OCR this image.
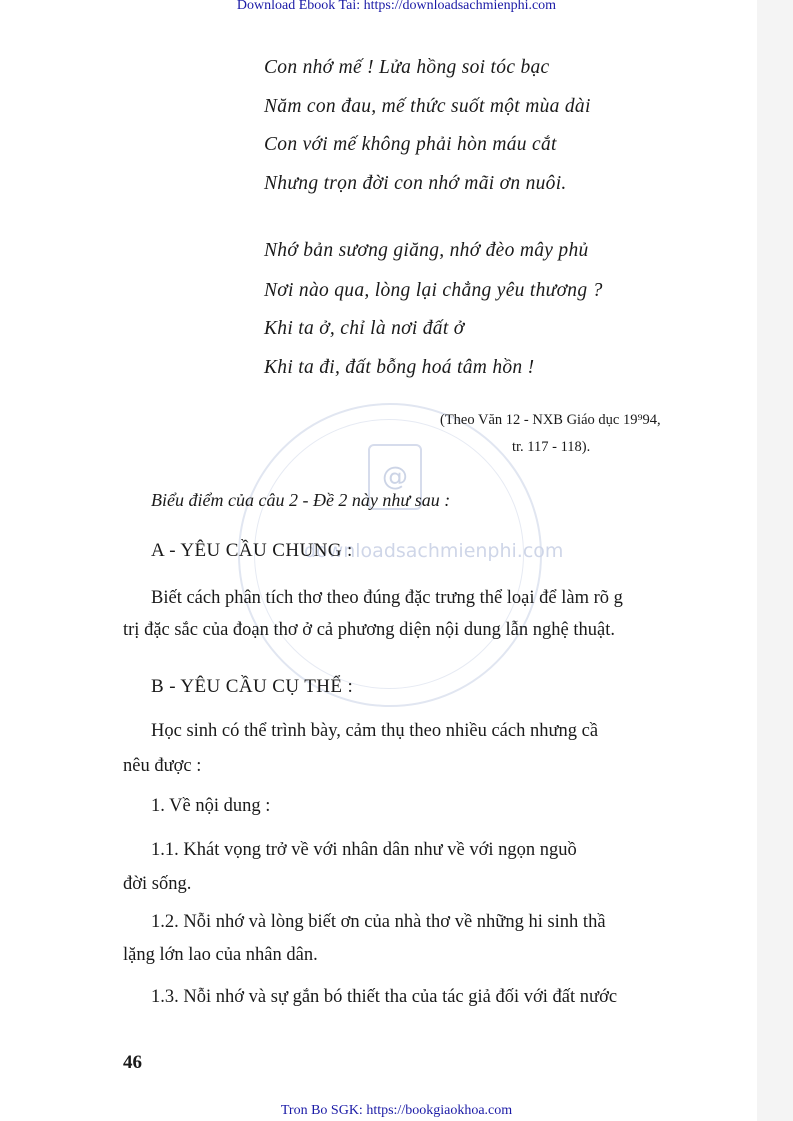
@
downloadsachmienphi.com
Download Ebook Tai: https://downloadsachmienphi.com
Con nhớ mế ! Lửa hồng soi tóc bạc
Năm con đau, mế thức suốt một mùa dài
Con với mế không phải hòn máu cắt
Nhưng trọn đời con nhớ mãi ơn nuôi.
Nhớ bản sương giăng, nhớ đèo mây phủ
Nơi nào qua, lòng lại chẳng yêu thương ?
Khi ta ở, chỉ là nơi đất ở
Khi ta đi, đất bỗng hoá tâm hồn !
(Theo Văn 12 - NXB Giáo dục 19⁹94,
tr. 117 - 118).
Biểu điểm của câu 2 - Đề 2 này như sau :
A - YÊU CẦU CHUNG :
Biết cách phân tích thơ theo đúng đặc trưng thể loại để làm rõ g
trị đặc sắc của đoạn thơ ở cả phương diện nội dung lẫn nghệ thuật.
B - YÊU CẦU CỤ THỂ :
Học sinh có thể trình bày, cảm thụ theo nhiều cách nhưng cầ
nêu được :
1. Về nội dung :
1.1. Khát vọng trở về với nhân dân như về với ngọn nguồ
đời sống.
1.2. Nỗi nhớ và lòng biết ơn của nhà thơ về những hi sinh thầ
lặng lớn lao của nhân dân.
1.3. Nỗi nhớ và sự gắn bó thiết tha của tác giả đối với đất nước
46
Tron Bo SGK: https://bookgiaokhoa.com
